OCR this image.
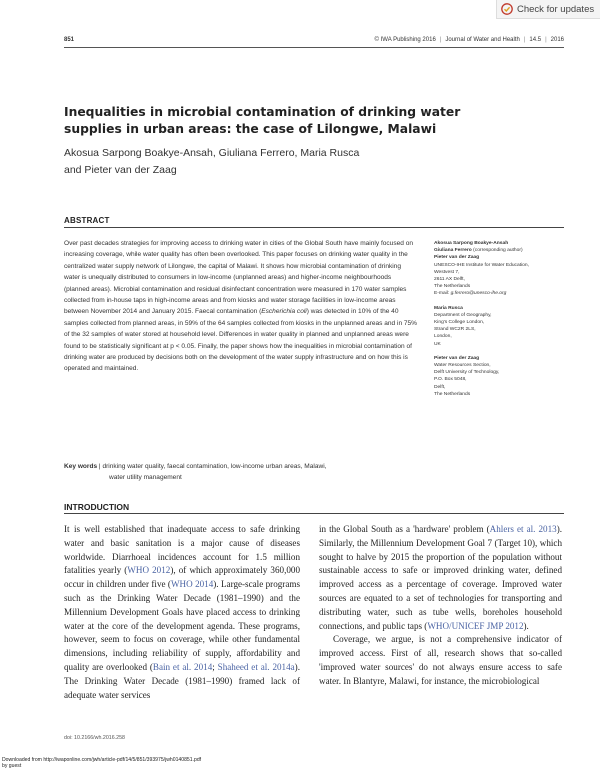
Check for updates
851	© IWA Publishing 2016 | Journal of Water and Health | 14.5 | 2016
Inequalities in microbial contamination of drinking water supplies in urban areas: the case of Lilongwe, Malawi
Akosua Sarpong Boakye-Ansah, Giuliana Ferrero, Maria Rusca
and Pieter van der Zaag
ABSTRACT
Over past decades strategies for improving access to drinking water in cities of the Global South have mainly focused on increasing coverage, while water quality has often been overlooked. This paper focuses on drinking water quality in the centralized water supply network of Lilongwe, the capital of Malawi. It shows how microbial contamination of drinking water is unequally distributed to consumers in low-income (unplanned areas) and higher-income neighbourhoods (planned areas). Microbial contamination and residual disinfectant concentration were measured in 170 water samples collected from in-house taps in high-income areas and from kiosks and water storage facilities in low-income areas between November 2014 and January 2015. Faecal contamination (Escherichia coli) was detected in 10% of the 40 samples collected from planned areas, in 59% of the 64 samples collected from kiosks in the unplanned areas and in 75% of the 32 samples of water stored at household level. Differences in water quality in planned and unplanned areas were found to be statistically significant at p < 0.05. Finally, the paper shows how the inequalities in microbial contamination of drinking water are produced by decisions both on the development of the water supply infrastructure and on how this is operated and maintained.
Key words | drinking water quality, faecal contamination, low-income urban areas, Malawi,
water utility management
Akosua Sarpong Boakye-Ansah
Giuliana Ferrero (corresponding author)
Pieter van der Zaag
UNESCO-IHE Institute for Water Education,
Westvest 7,
2611 AX Delft,
The Netherlands
E-mail: g.ferrero@unesco-ihe.org
Maria Rusca
Department of Geography,
King's College London,
Strand WC2R 2LS,
London,
UK
Pieter van der Zaag
Water Resources Section,
Delft University of Technology,
P.O. Box 5048,
Delft,
The Netherlands
INTRODUCTION

It is well established that inadequate access to safe drinking water and basic sanitation is a major cause of diseases worldwide. Diarrhoeal incidences account for 1.5 million fatalities yearly (WHO 2012), of which approximately 360,000 occur in children under five (WHO 2014). Large-scale programs such as the Drinking Water Decade (1981–1990) and the Millennium Development Goals have placed access to drinking water at the core of the development agenda. These programs, however, seem to focus on coverage, while other fundamental dimensions, including reliability of supply, affordability and quality are overlooked (Bain et al. 2014; Shaheed et al. 2014a). The Drinking Water Decade (1981–1990) framed lack of adequate water services

in the Global South as a 'hardware' problem (Ahlers et al. 2013). Similarly, the Millennium Development Goal 7 (Target 10), which sought to halve by 2015 the proportion of the population without sustainable access to safe or improved drinking water, defined improved access as a percentage of coverage. Improved water sources are equated to a set of technologies for transporting and distributing water, such as tube wells, boreholes household connections, and public taps (WHO/UNICEF JMP 2012).

Coverage, we argue, is not a comprehensive indicator of improved access. First of all, research shows that so-called 'improved water sources' do not always ensure access to safe water. In Blantyre, Malawi, for instance, the microbiological

doi: 10.2166/wh.2016.258
Downloaded from http://iwaponline.com/jwh/article-pdf/14/5/851/393975/jwh0140851.pdf
by guest
